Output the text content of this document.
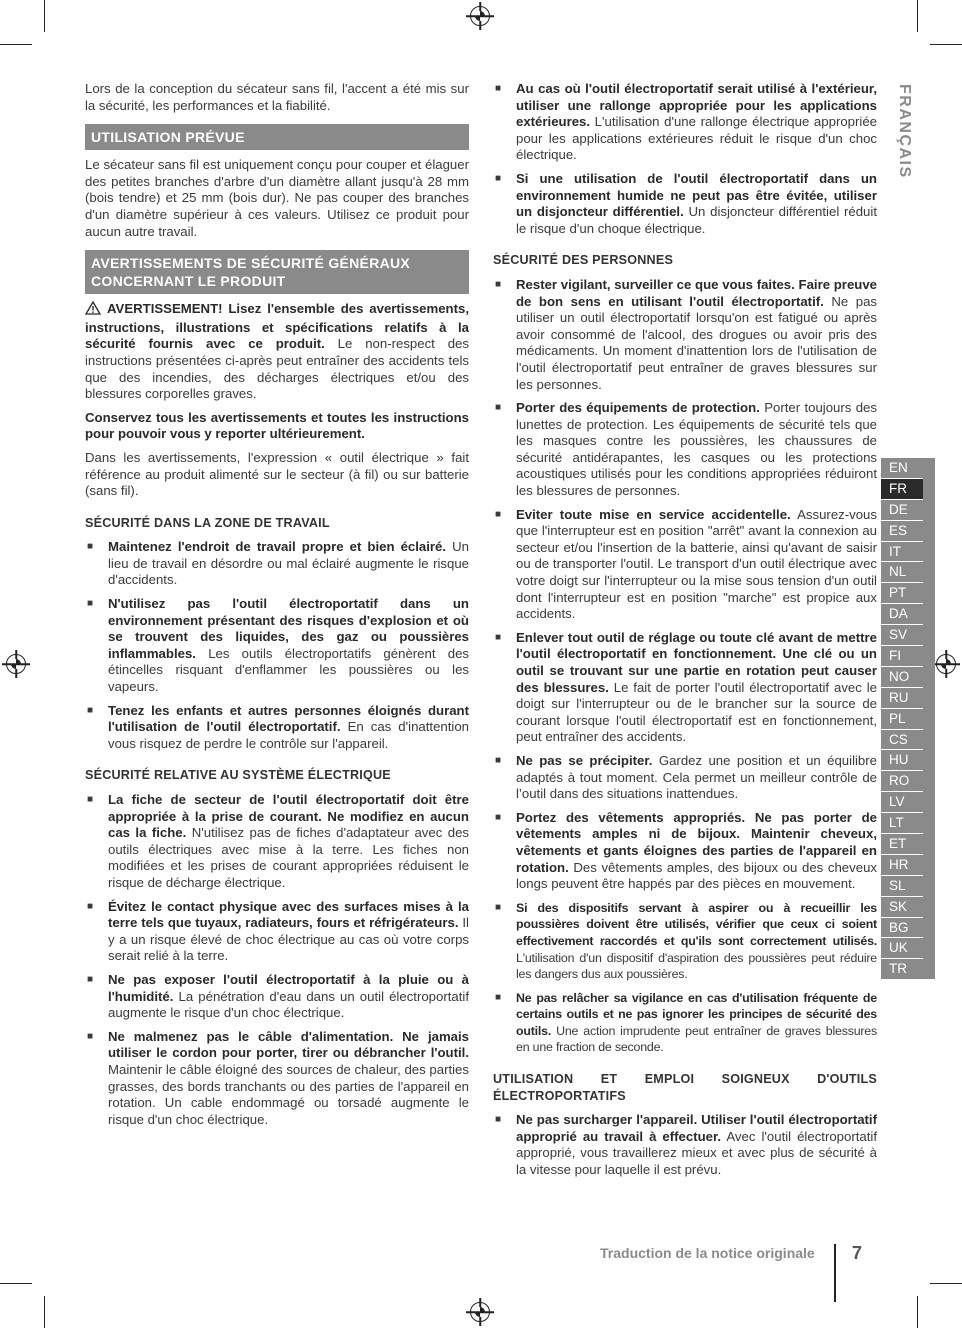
Lors de la conception du sécateur sans fil, l'accent a été mis sur la sécurité, les performances et la fiabilité.

UTILISATION PRÉVUE

Le sécateur sans fil est uniquement conçu pour couper et élaguer des petites branches d'arbre d'un diamètre allant jusqu'à 28 mm (bois tendre) et 25 mm (bois dur). Ne pas couper des branches d'un diamètre supérieur à ces valeurs. Utilisez ce produit pour aucun autre travail.

AVERTISSEMENTS DE SÉCURITÉ GÉNÉRAUX CONCERNANT LE PRODUIT

AVERTISSEMENT! Lisez l'ensemble des avertissements, instructions, illustrations et spécifications relatifs à la sécurité fournis avec ce produit. Le non-respect des instructions présentées ci-après peut entraîner des accidents tels que des incendies, des décharges électriques et/ou des blessures corporelles graves.

Conservez tous les avertissements et toutes les instructions pour pouvoir vous y reporter ultérieurement.

Dans les avertissements, l'expression « outil électrique » fait référence au produit alimenté sur le secteur (à fil) ou sur batterie (sans fil).

SÉCURITÉ DANS LA ZONE DE TRAVAIL
■ Maintenez l'endroit de travail propre et bien éclairé. Un lieu de travail en désordre ou mal éclairé augmente le risque d'accidents.
■ N'utilisez pas l'outil électroportatif dans un environnement présentant des risques d'explosion et où se trouvent des liquides, des gaz ou poussières inflammables. Les outils électroportatifs génèrent des étincelles risquant d'enflammer les poussières ou les vapeurs.
■ Tenez les enfants et autres personnes éloignés durant l'utilisation de l'outil électroportatif. En cas d'inattention vous risquez de perdre le contrôle sur l'appareil.
SÉCURITÉ RELATIVE AU SYSTÈME ÉLECTRIQUE
■ La fiche de secteur de l'outil électroportatif doit être appropriée à la prise de courant. Ne modifiez en aucun cas la fiche. N'utilisez pas de fiches d'adaptateur avec des outils électriques avec mise à la terre. Les fiches non modifiées et les prises de courant appropriées réduisent le risque de décharge électrique.
■ Évitez le contact physique avec des surfaces mises à la terre tels que tuyaux, radiateurs, fours et réfrigérateurs. Il y a un risque élevé de choc électrique au cas où votre corps serait relié à la terre.
■ Ne pas exposer l'outil électroportatif à la pluie ou à l'humidité. La pénétration d'eau dans un outil électroportatif augmente le risque d'un choc électrique.
■ Ne malmenez pas le câble d'alimentation. Ne jamais utiliser le cordon pour porter, tirer ou débrancher l'outil. Maintenir le câble éloigné des sources de chaleur, des parties grasses, des bords tranchants ou des parties de l'appareil en rotation. Un cable endommagé ou torsadé augmente le risque d'un choc électrique.
■ Au cas où l'outil électroportatif serait utilisé à l'extérieur, utiliser une rallonge appropriée pour les applications extérieures. L'utilisation d'une rallonge électrique appropriée pour les applications extérieures réduit le risque d'un choc électrique.
■ Si une utilisation de l'outil électroportatif dans un environnement humide ne peut pas être évitée, utiliser un disjoncteur différentiel. Un disjoncteur différentiel réduit le risque d'un choque électrique.
SÉCURITÉ DES PERSONNES
■ Rester vigilant, surveiller ce que vous faites. Faire preuve de bon sens en utilisant l'outil électroportatif. Ne pas utiliser un outil électroportatif lorsqu'on est fatigué ou après avoir consommé de l'alcool, des drogues ou avoir pris des médicaments. Un moment d'inattention lors de l'utilisation de l'outil électroportatif peut entraîner de graves blessures sur les personnes.
■ Porter des équipements de protection. Porter toujours des lunettes de protection. Les équipements de sécurité tels que les masques contre les poussières, les chaussures de sécurité antidérapantes, les casques ou les protections acoustiques utilisés pour les conditions appropriées réduiront les blessures de personnes.
■ Eviter toute mise en service accidentelle. Assurez-vous que l'interrupteur est en position "arrêt" avant la connexion au secteur et/ou l'insertion de la batterie, ainsi qu'avant de saisir ou de transporter l'outil. Le transport d'un outil électrique avec votre doigt sur l'interrupteur ou la mise sous tension d'un outil dont l'interrupteur est en position "marche" est propice aux accidents.
■ Enlever tout outil de réglage ou toute clé avant de mettre l'outil électroportatif en fonctionnement. Une clé ou un outil se trouvant sur une partie en rotation peut causer des blessures. Le fait de porter l'outil électroportatif avec le doigt sur l'interrupteur ou de le brancher sur la source de courant lorsque l'outil électroportatif est en fonctionnement, peut entraîner des accidents.
■ Ne pas se précipiter. Gardez une position et un équilibre adaptés à tout moment. Cela permet un meilleur contrôle de l’outil dans des situations inattendues.
■ Portez des vêtements appropriés. Ne pas porter de vêtements amples ni de bijoux. Maintenir cheveux, vêtements et gants éloignes des parties de l'appareil en rotation. Des vêtements amples, des bijoux ou des cheveux longs peuvent être happés par des pièces en mouvement.
■ Si des dispositifs servant à aspirer ou à recueillir les poussières doivent être utilisés, vérifier que ceux ci soient effectivement raccordés et qu'ils sont correctement utilisés. L'utilisation d'un dispositif d'aspiration des poussières peut réduire les dangers dus aux poussières.
■ Ne pas relâcher sa vigilance en cas d'utilisation fréquente de certains outils et ne pas ignorer les principes de sécurité des outils. Une action imprudente peut entraîner de graves blessures en une fraction de seconde.
UTILISATION ET EMPLOI SOIGNEUX D'OUTILS ÉLECTROPORTATIFS
■ Ne pas surcharger l'appareil. Utiliser l'outil électroportatif approprié au travail à effectuer. Avec l'outil électroportatif approprié, vous travaillerez mieux et avec plus de sécurité à la vitesse pour laquelle il est prévu.
FRANÇAIS
EN
FR
DE
ES
IT
NL
PT
DA
SV
FI
NO
RU
PL
CS
HU
RO
LV
LT
ET
HR
SL
SK
BG
UK
TR
Traduction de la notice originale 7
